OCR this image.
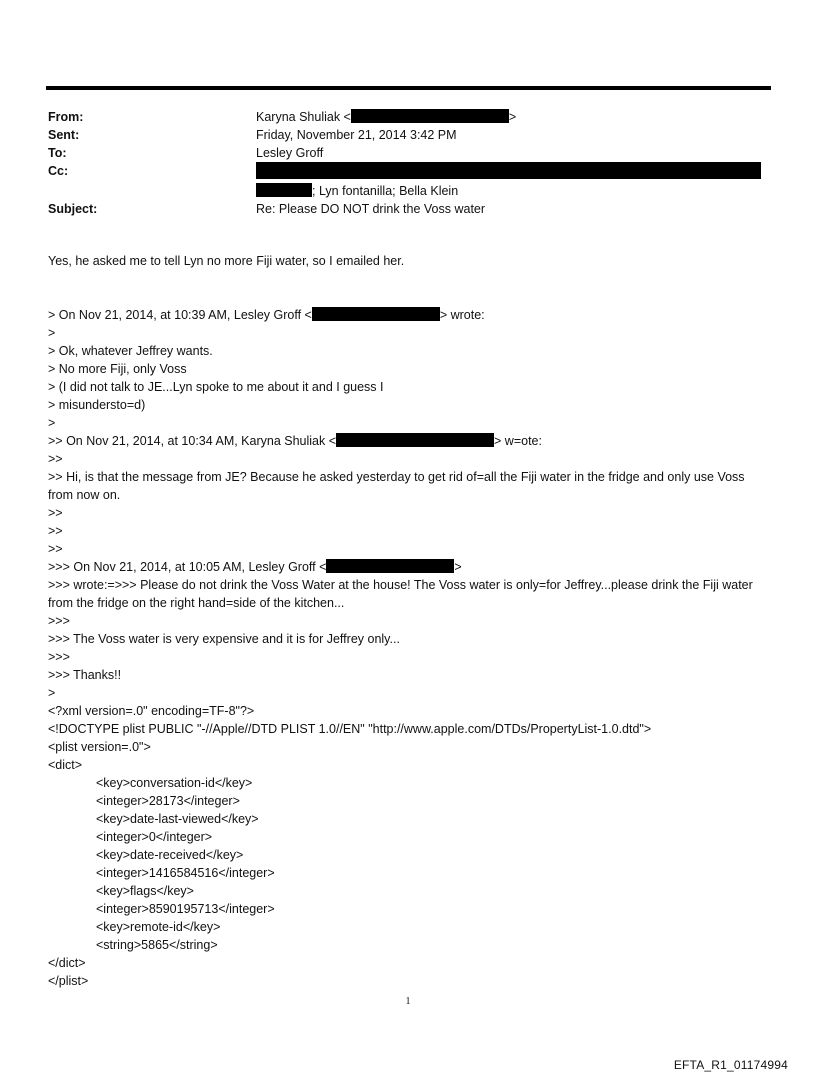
From:	Karyna Shuliak <	>
Sent:	Friday, November 21, 2014 3:42 PM
To:	Lesley Groff
Cc:
; Lyn fontanilla; Bella Klein
Subject:	Re: Please DO NOT drink the Voss water
Yes, he asked me to tell Lyn no more Fiji water, so I emailed her.
> On Nov 21, 2014, at 10:39 AM, Lesley Groff <	> wrote:
>
> Ok, whatever Jeffrey wants.
> No more Fiji, only Voss
> (I did not talk to JE...Lyn spoke to me about it and I guess I
> misundersto=d)
>
>> On Nov 21, 2014, at 10:34 AM, Karyna Shuliak <	> w=ote:
>>
>> Hi, is that the message from JE? Because he asked yesterday to get rid of=all the Fiji water in the fridge and only use Voss from now on.
>>
>>
>>
>>> On Nov 21, 2014, at 10:05 AM, Lesley Groff <	>
>>> wrote:=>>> Please do not drink the Voss Water at the house! The Voss water is only=for Jeffrey...please drink the Fiji water from the fridge on the right hand=side of the kitchen...
>>>
>>> The Voss water is very expensive and it is for Jeffrey only...
>>>
>>> Thanks!!
>
<?xml version=.0" encoding=TF-8"?>
<!DOCTYPE plist PUBLIC "-//Apple//DTD PLIST 1.0//EN" "http://www.apple.com/DTDs/PropertyList-1.0.dtd">
<plist version=.0">
<dict>
<key>conversation-id</key>
<integer>28173</integer>
<key>date-last-viewed</key>
<integer>0</integer>
<key>date-received</key>
<integer>1416584516</integer>
<key>flags</key>
<integer>8590195713</integer>
<key>remote-id</key>
<string>5865</string>
</dict>
</plist>
1
EFTA_R1_01174994
